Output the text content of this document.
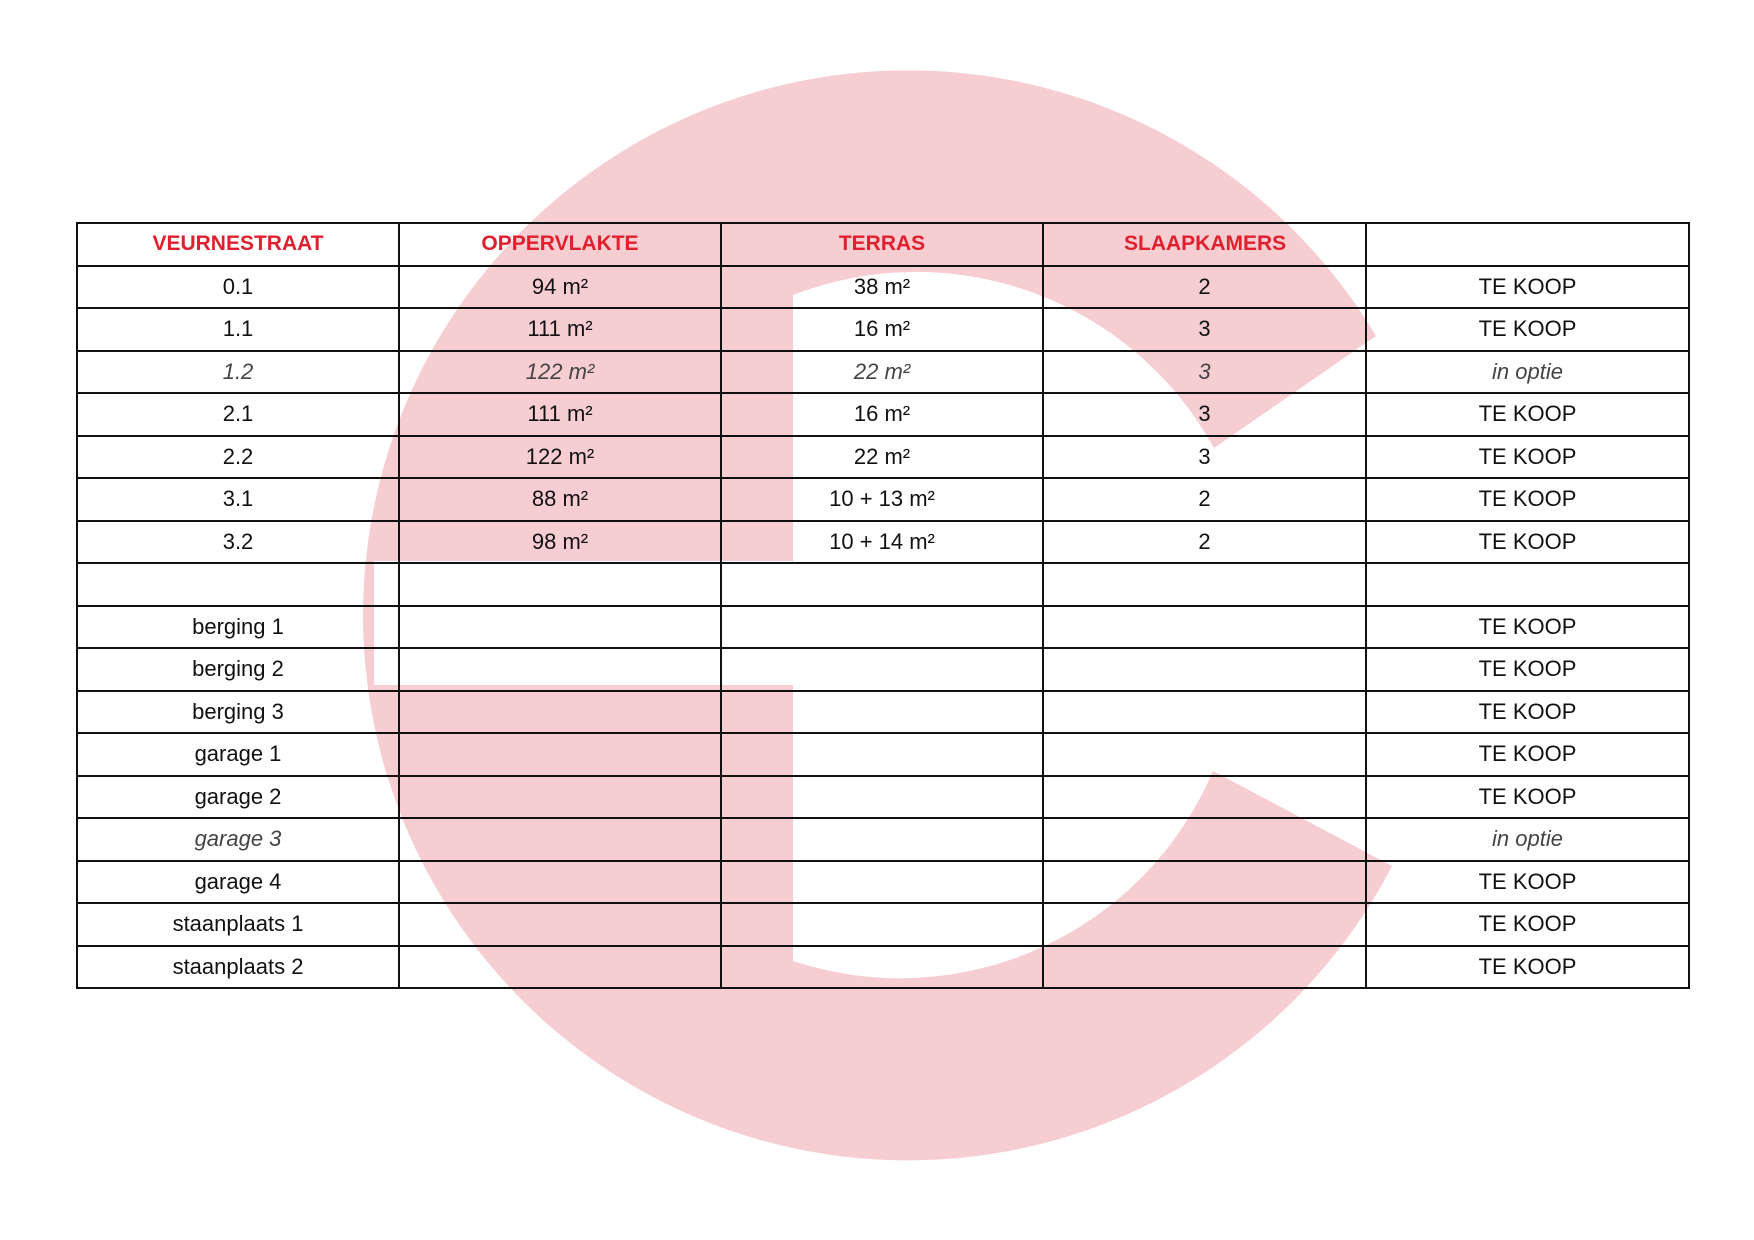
VEURNESTRAAT	OPPERVLAKTE	TERRAS	SLAAPKAMERS	
0.1	94 m²	38 m²	2	TE KOOP
1.1	111 m²	16 m²	3	TE KOOP
1.2	122 m²	22 m²	3	in optie
2.1	111 m²	16 m²	3	TE KOOP
2.2	122 m²	22 m²	3	TE KOOP
3.1	88 m²	10 + 13 m²	2	TE KOOP
3.2	98 m²	10 + 14 m²	2	TE KOOP

berging 1				TE KOOP
berging 2				TE KOOP
berging 3				TE KOOP
garage 1				TE KOOP
garage 2				TE KOOP
garage 3				in optie
garage 4				TE KOOP
staanplaats 1				TE KOOP
staanplaats 2				TE KOOP
